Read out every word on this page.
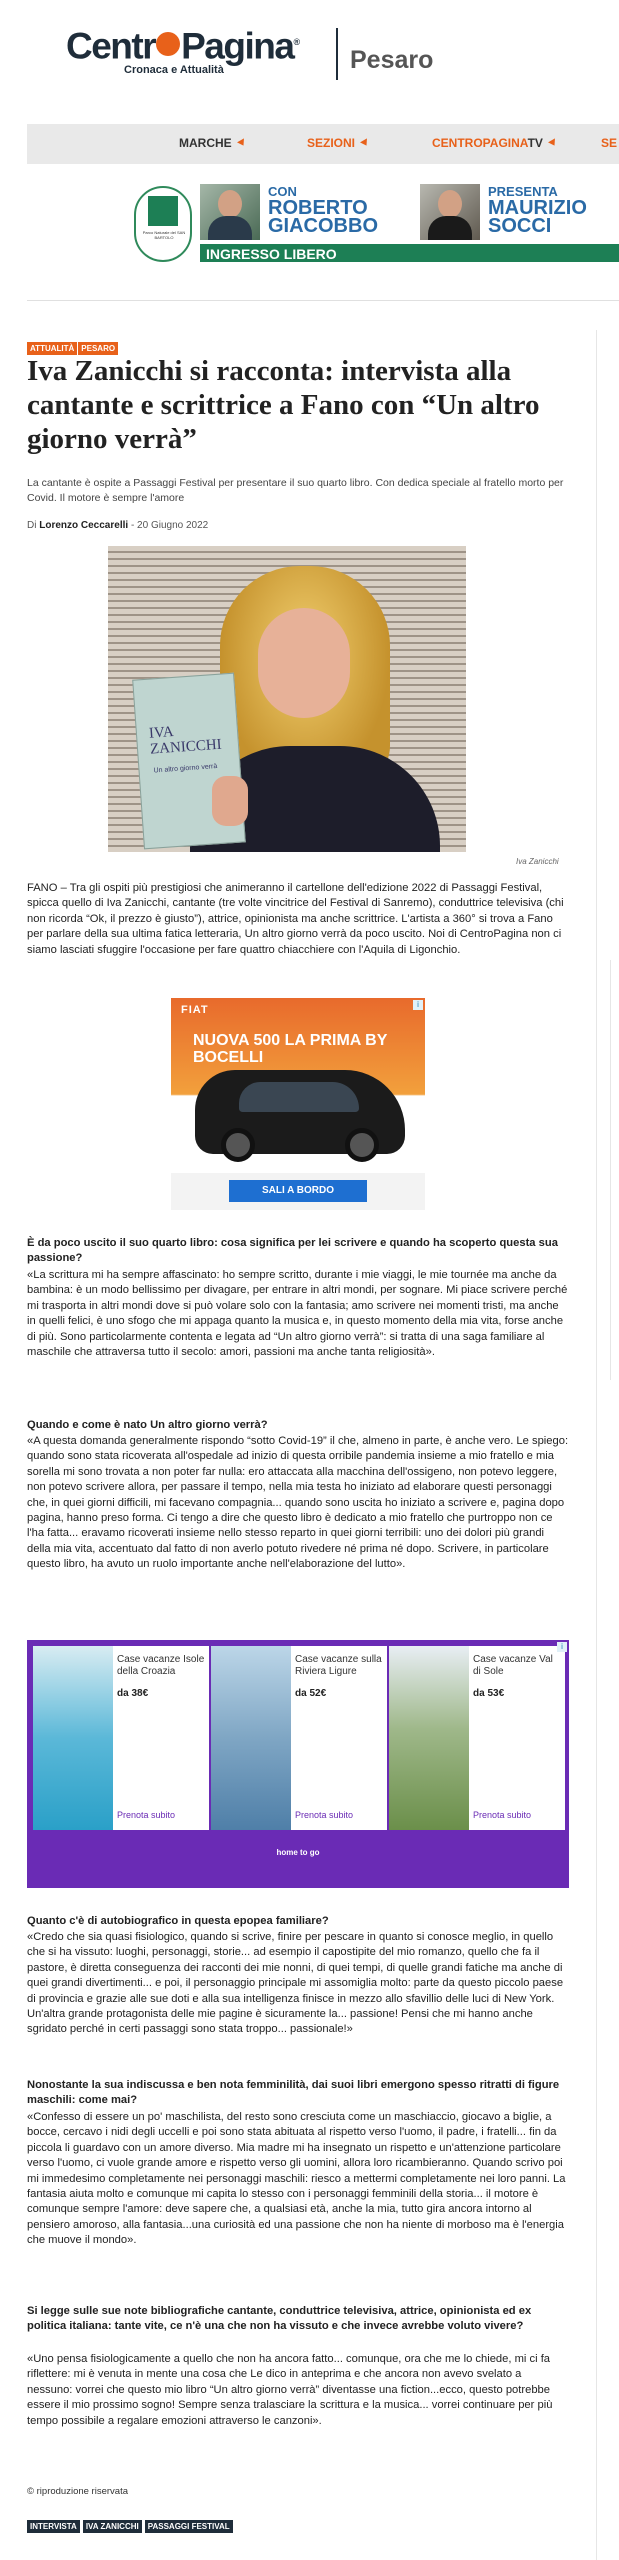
Centr Pagina®
Cronaca e Attualità	Pesaro
MARCHE	SEZIONI	CENTROPAGINATV	SE
Parco Naturale del SAN BARTOLO
CON
ROBERTO
GIACOBBO
PRESENTA
MAURIZIO
SOCCI
INGRESSO LIBERO
ATTUALITÀ PESARO
Iva Zanicchi si racconta: intervista alla cantante e scrittrice a Fano con “Un altro giorno verrà”
La cantante è ospite a Passaggi Festival per presentare il suo quarto libro. Con dedica speciale al fratello morto per Covid. Il motore è sempre l'amore
Di Lorenzo Ceccarelli - 20 Giugno 2022
IVA
ZANICCHI
Un altro giorno verrà
Iva Zanicchi
FANO – Tra gli ospiti più prestigiosi che animeranno il cartellone dell'edizione 2022 di Passaggi Festival, spicca quello di Iva Zanicchi, cantante (tre volte vincitrice del Festival di Sanremo), conduttrice televisiva (chi non ricorda “Ok, il prezzo è giusto”), attrice, opinionista ma anche scrittrice. L'artista a 360° si trova a Fano per parlare della sua ultima fatica letteraria, Un altro giorno verrà da poco uscito. Noi di CentroPagina non ci siamo lasciati sfuggire l'occasione per fare quattro chiacchiere con l'Aquila di Ligonchio.
FIAT
NUOVA 500 LA PRIMA BY BOCELLI
SALI A BORDO
i
È da poco uscito il suo quarto libro: cosa significa per lei scrivere e quando ha scoperto questa sua passione?
«La scrittura mi ha sempre affascinato: ho sempre scritto, durante i mie viaggi, le mie tournée ma anche da bambina: è un modo bellissimo per divagare, per entrare in altri mondi, per sognare. Mi piace scrivere perché mi trasporta in altri mondi dove si può volare solo con la fantasia; amo scrivere nei momenti tristi, ma anche in quelli felici, è uno sfogo che mi appaga quanto la musica e, in questo momento della mia vita, forse anche di più. Sono particolarmente contenta e legata ad “Un altro giorno verrà”: si tratta di una saga familiare al maschile che attraversa tutto il secolo: amori, passioni ma anche tanta religiosità».
Quando e come è nato Un altro giorno verrà?
«A questa domanda generalmente rispondo “sotto Covid-19” il che, almeno in parte, è anche vero. Le spiego: quando sono stata ricoverata all'ospedale ad inizio di questa orribile pandemia insieme a mio fratello e mia sorella mi sono trovata a non poter far nulla: ero attaccata alla macchina dell'ossigeno, non potevo leggere, non potevo scrivere allora, per passare il tempo, nella mia testa ho iniziato ad elaborare questi personaggi che, in quei giorni difficili, mi facevano compagnia... quando sono uscita ho iniziato a scrivere e, pagina dopo pagina, hanno preso forma. Ci tengo a dire che questo libro è dedicato a mio fratello che purtroppo non ce l'ha fatta... eravamo ricoverati insieme nello stesso reparto in quei giorni terribili: uno dei dolori più grandi della mia vita, accentuato dal fatto di non averlo potuto rivedere né prima né dopo. Scrivere, in particolare questo libro, ha avuto un ruolo importante anche nell'elaborazione del lutto».
Case vacanze Isole della Croazia
da 38€
Prenota subito
Case vacanze sulla Riviera Ligure
da 52€
Prenota subito
Case vacanze Val di Sole
da 53€
Prenota subito
home to go
i
Quanto c'è di autobiografico in questa epopea familiare?
«Credo che sia quasi fisiologico, quando si scrive, finire per pescare in quanto si conosce meglio, in quello che si ha vissuto: luoghi, personaggi, storie... ad esempio il capostipite del mio romanzo, quello che fa il pastore, è diretta conseguenza dei racconti dei mie nonni, di quei tempi, di quelle grandi fatiche ma anche di quei grandi divertimenti... e poi, il personaggio principale mi assomiglia molto: parte da questo piccolo paese di provincia e grazie alle sue doti e alla sua intelligenza finisce in mezzo allo sfavillio delle luci di New York. Un'altra grande protagonista delle mie pagine è sicuramente la... passione! Pensi che mi hanno anche sgridato perché in certi passaggi sono stata troppo... passionale!»
Nonostante la sua indiscussa e ben nota femminilità, dai suoi libri emergono spesso ritratti di figure maschili: come mai?
«Confesso di essere un po' maschilista, del resto sono cresciuta come un maschiaccio, giocavo a biglie, a bocce, cercavo i nidi degli uccelli e poi sono stata abituata al rispetto verso l'uomo, il padre, i fratelli... fin da piccola li guardavo con un amore diverso. Mia madre mi ha insegnato un rispetto e un'attenzione particolare verso l'uomo, ci vuole grande amore e rispetto verso gli uomini, allora loro ricambieranno. Quando scrivo poi mi immedesimo completamente nei personaggi maschili: riesco a mettermi completamente nei loro panni. La fantasia aiuta molto e comunque mi capita lo stesso con i personaggi femminili della storia... il motore è comunque sempre l'amore: deve sapere che, a qualsiasi età, anche la mia, tutto gira ancora intorno al pensiero amoroso, alla fantasia...una curiosità ed una passione che non ha niente di morboso ma è l'energia che muove il mondo».
Si legge sulle sue note bibliografiche cantante, conduttrice televisiva, attrice, opinionista ed ex politica italiana: tante vite, ce n'è una che non ha vissuto e che invece avrebbe voluto vivere?
«Uno pensa fisiologicamente a quello che non ha ancora fatto... comunque, ora che me lo chiede, mi ci fa riflettere: mi è venuta in mente una cosa che Le dico in anteprima e che ancora non avevo svelato a nessuno: vorrei che questo mio libro “Un altro giorno verrà” diventasse una fiction...ecco, questo potrebbe essere il mio prossimo sogno! Sempre senza tralasciare la scrittura e la musica... vorrei continuare per più tempo possibile a regalare emozioni attraverso le canzoni».
© riproduzione riservata
INTERVISTA IVA ZANICCHI PASSAGGI FESTIVAL
